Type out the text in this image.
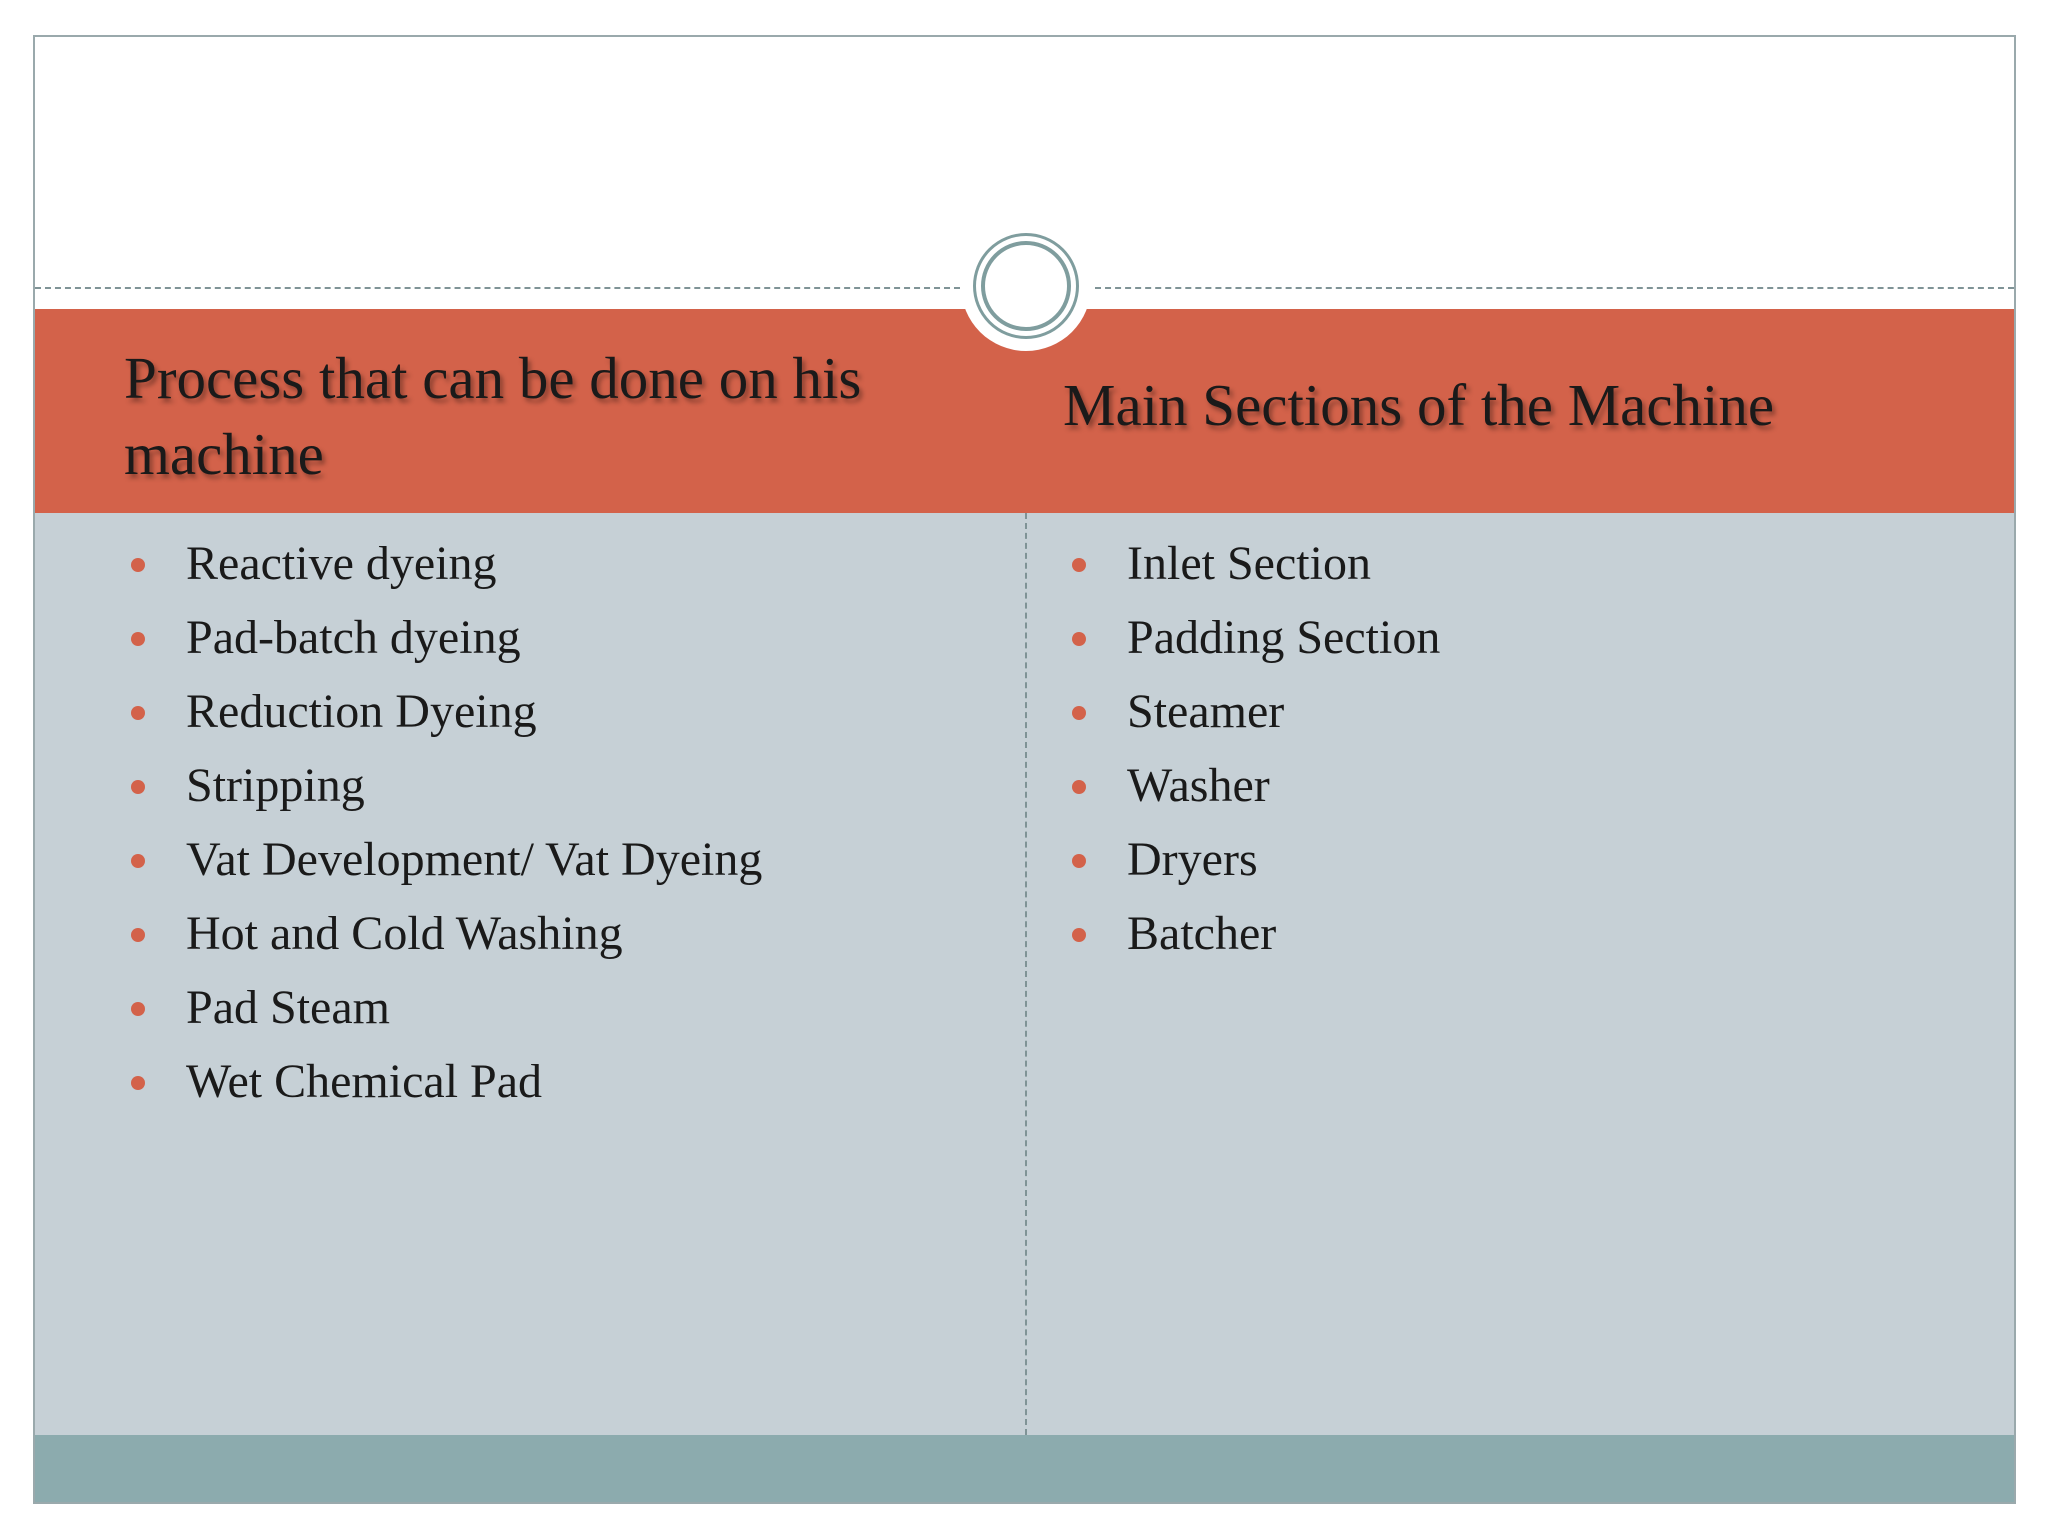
Process that can be done on his machine
Main Sections of the Machine
Reactive dyeing
Pad-batch dyeing
Reduction Dyeing
Stripping
Vat Development/ Vat Dyeing
Hot and Cold Washing
Pad Steam
Wet Chemical Pad
Inlet Section
Padding Section
Steamer
Washer
Dryers
Batcher
